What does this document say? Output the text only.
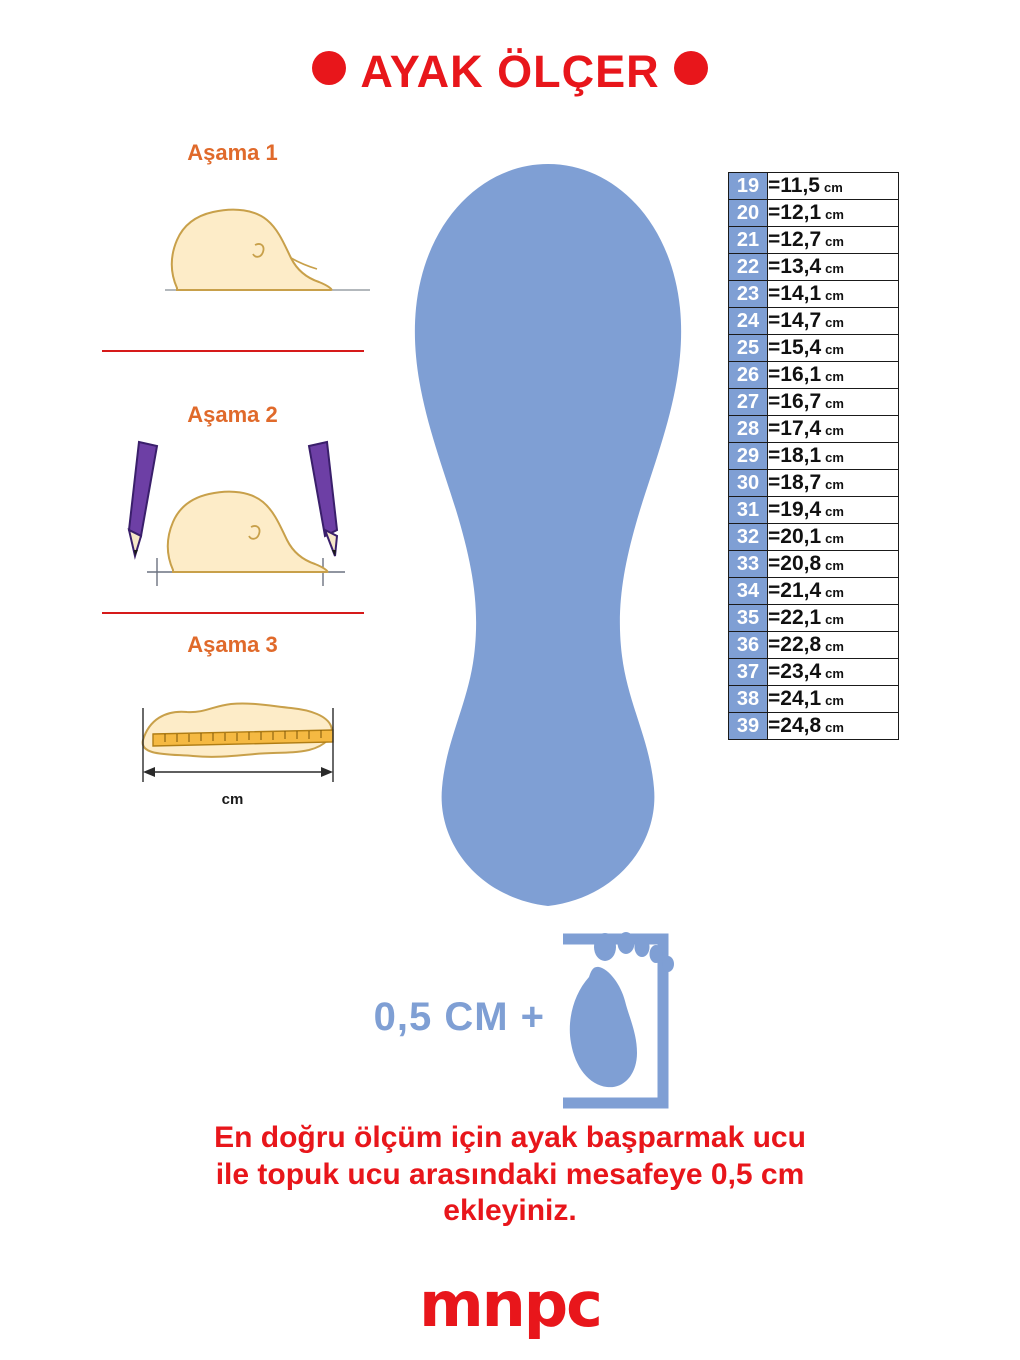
AYAK ÖLÇER
Aşama 1
Aşama 2
Aşama 3
cm
19	=11,5 cm
20	=12,1 cm
21	=12,7 cm
22	=13,4 cm
23	=14,1 cm
24	=14,7 cm
25	=15,4 cm
26	=16,1 cm
27	=16,7 cm
28	=17,4 cm
29	=18,1 cm
30	=18,7 cm
31	=19,4 cm
32	=20,1 cm
33	=20,8 cm
34	=21,4 cm
35	=22,1 cm
36	=22,8 cm
37	=23,4 cm
38	=24,1 cm
39	=24,8 cm
0,5 CM +
En doğru ölçüm için ayak başparmak ucu
ile topuk ucu arasındaki mesafeye 0,5 cm
ekleyiniz.
mnpc
